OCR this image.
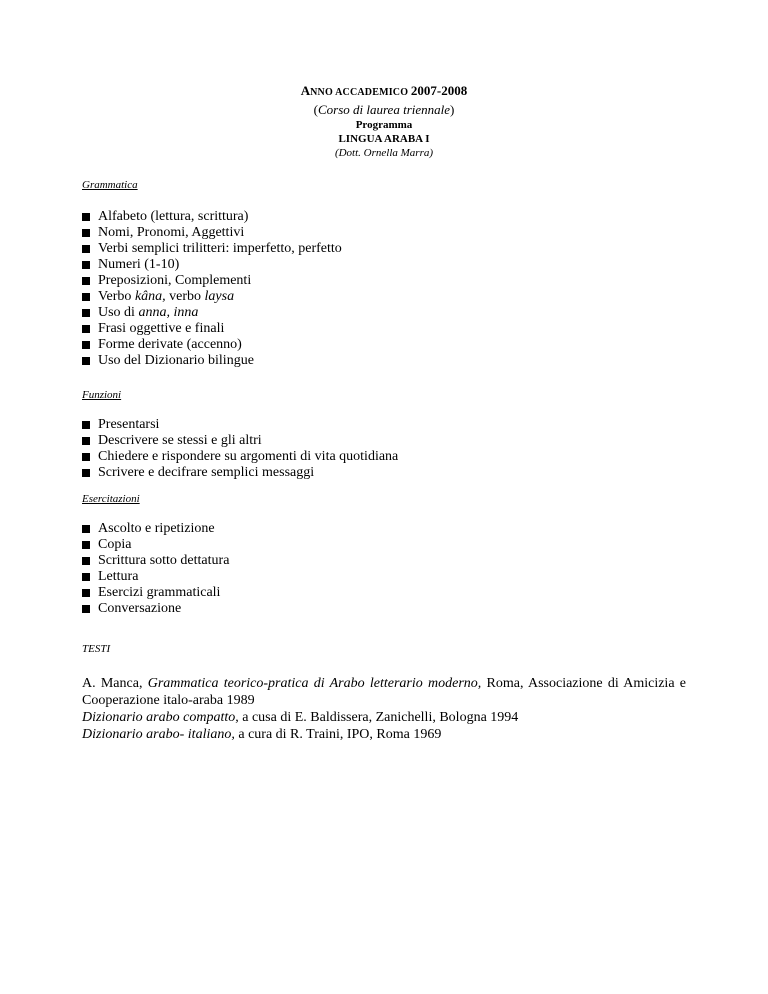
ANNO ACCADEMICO 2007-2008
(Corso di laurea triennale)
Programma
LINGUA ARABA I
(Dott. Ornella Marra)
Grammatica
Alfabeto (lettura, scrittura)
Nomi, Pronomi, Aggettivi
Verbi semplici trilitteri: imperfetto, perfetto
Numeri (1-10)
Preposizioni, Complementi
Verbo kâna, verbo laysa
Uso di anna, inna
Frasi oggettive e finali
Forme derivate (accenno)
Uso del Dizionario bilingue
Funzioni
Presentarsi
Descrivere se stessi e gli altri
Chiedere e rispondere su argomenti di vita quotidiana
Scrivere e decifrare semplici messaggi
Esercitazioni
Ascolto e ripetizione
Copia
Scrittura sotto dettatura
Lettura
Esercizi grammaticali
Conversazione
TESTI
A. Manca, Grammatica teorico-pratica di Arabo letterario moderno, Roma, Associazione di Amicizia e Cooperazione italo-araba 1989
Dizionario arabo compatto, a cusa di E. Baldissera, Zanichelli, Bologna 1994
Dizionario arabo- italiano, a cura di R. Traini, IPO, Roma 1969
